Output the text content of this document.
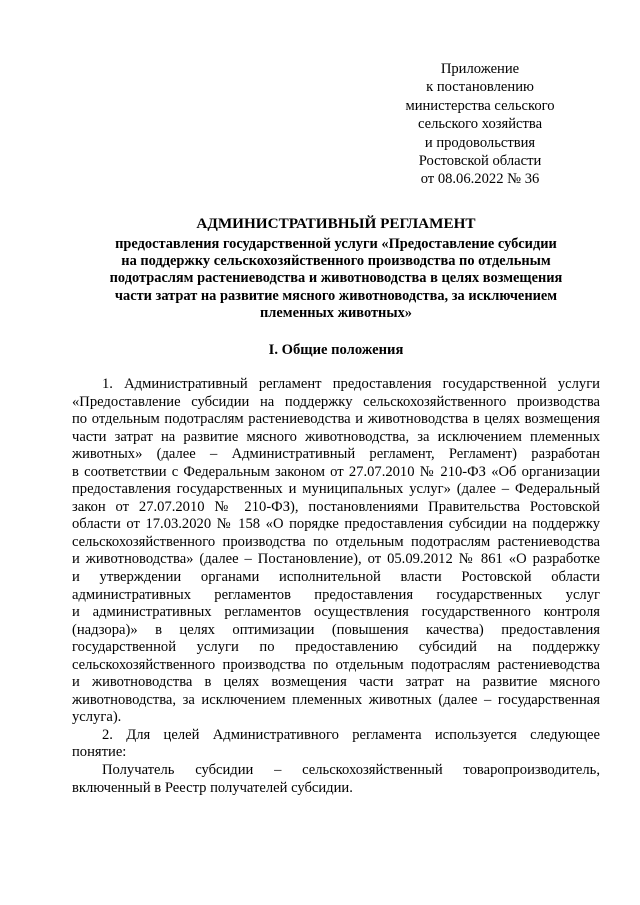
Приложение
к постановлению
министерства сельского
сельского хозяйства
и продовольствия
Ростовской области
от 08.06.2022 № 36
АДМИНИСТРАТИВНЫЙ РЕГЛАМЕНТ
предоставления государственной услуги «Предоставление субсидии
на поддержку сельскохозяйственного производства по отдельным
подотраслям растениеводства и животноводства в целях возмещения
части затрат на развитие мясного животноводства, за исключением
племенных животных»
I. Общие положения
1. Административный регламент предоставления государственной услуги
«Предоставление субсидии на поддержку сельскохозяйственного производства
по отдельным подотраслям растениеводства и животноводства в целях возмещения
части затрат на развитие мясного животноводства, за исключением племенных
животных» (далее – Административный регламент, Регламент) разработан
в соответствии с Федеральным законом от 27.07.2010 № 210-ФЗ «Об организации
предоставления государственных и муниципальных услуг» (далее – Федеральный
закон от 27.07.2010 № 210-ФЗ), постановлениями Правительства Ростовской
области от 17.03.2020 № 158 «О порядке предоставления субсидии на поддержку
сельскохозяйственного производства по отдельным подотраслям растениеводства
и животноводства» (далее – Постановление), от 05.09.2012 № 861 «О разработке
и утверждении органами исполнительной власти Ростовской области
административных регламентов предоставления государственных услуг
и административных регламентов осуществления государственного контроля
(надзора)» в целях оптимизации (повышения качества) предоставления
государственной услуги по предоставлению субсидий на поддержку
сельскохозяйственного производства по отдельным подотраслям растениеводства
и животноводства в целях возмещения части затрат на развитие мясного
животноводства, за исключением племенных животных (далее – государственная
услуга).
2. Для целей Административного регламента используется следующее
понятие:
Получатель субсидии – сельскохозяйственный товаропроизводитель,
включенный в Реестр получателей субсидии.
